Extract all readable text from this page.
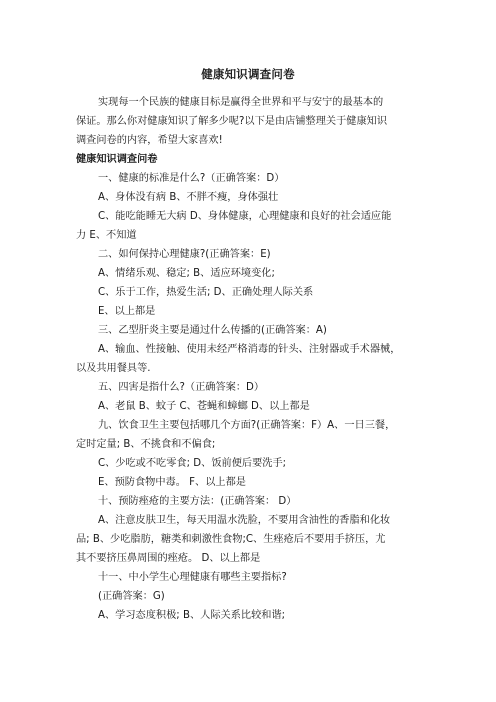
健康知识调查问卷
实现每一个民族的健康目标是赢得全世界和平与安宁的最基本的
保证。那么你对健康知识了解多少呢?以下是由店铺整理关于健康知识
调查问卷的内容，希望大家喜欢!
健康知识调查问卷
一、健康的标准是什么?（正确答案：D）
A、身体没有病 B、不胖不瘦，身体强壮
C、能吃能睡无大病 D、身体健康，心理健康和良好的社会适应能
力 E、不知道
二、如何保持心理健康?(正确答案：E)
A、情绪乐观、稳定; B、适应环境变化;
C、乐于工作，热爱生活; D、正确处理人际关系
E、以上都是
三、乙型肝炎主要是通过什么传播的(正确答案：A)
A、输血、性接触、使用未经严格消毒的针头、注射器或手术器械，
以及共用餐具等.
五、四害是指什么?（正确答案：D）
A、老鼠 B、蚊子 C、苍蝇和蟑螂 D、以上都是
九、饮食卫生主要包括哪几个方面?(正确答案：F）A、一日三餐，
定时定量; B、不挑食和不偏食;
C、少吃或不吃零食; D、饭前便后要洗手;
E、预防食物中毒。 F、以上都是
十、预防痤疮的主要方法：(正确答案： D）
A、注意皮肤卫生，每天用温水洗脸，不要用含油性的香脂和化妆
品; B、少吃脂肪，糖类和刺激性食物;C、生痤疮后不要用手挤压，尤
其不要挤压鼻周围的痤疮。 D、以上都是
十一、中小学生心理健康有哪些主要指标?
(正确答案：G)
A、学习态度积极; B、人际关系比较和谐;
